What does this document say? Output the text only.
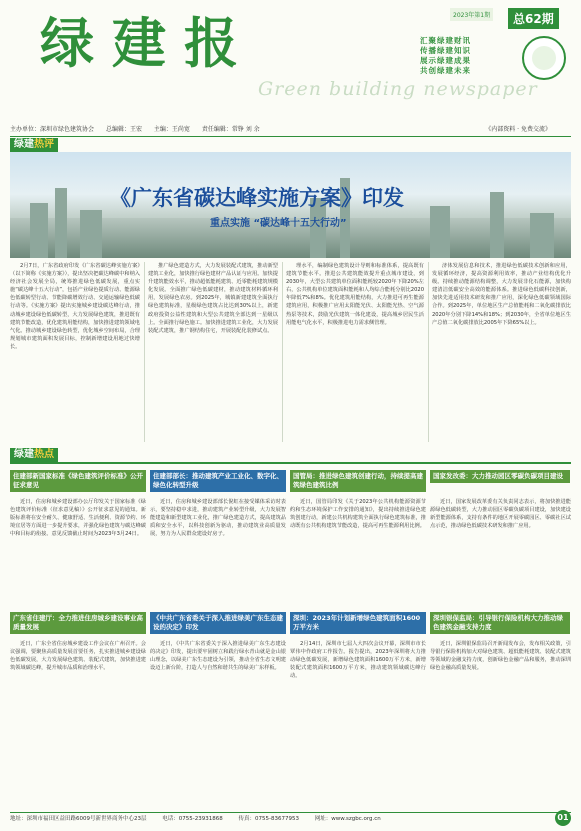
绿建报
Green building newspaper
2023年第1期	总62期
汇聚绿建财讯
传播绿建知识
展示绿建成果
共创绿建未来
主办单位：深圳市绿色建筑协会 总编辑：王宏 主编：王尚宽 责任编辑：常铮 刘 余	《内部资料 · 免费交流》
绿建热评
《广东省碳达峰实施方案》印发
重点实施 “碳达峰十五大行动”

2月7日，广东省政府印发《广东省碳达峰实施方案》（以下简称《实施方案》），提出坚决把碳达峰碳中和纳入经济社会发展全局，统筹推进绿色低碳发展，重点实施“碳达峰十五大行动”，包括产业绿色提质行动、能源绿色低碳转型行动、节能降碳增效行动、交通运输绿色低碳行动等。《实施方案》提出实施城乡建设碳达峰行动，推动城乡建设绿色低碳转型，大力发展绿色建筑，推进既有建筑节能改造，优化建筑用能结构，加快推进建筑领域电气化。推动城乡建设绿色转型，优化城乡空间布局，合理规划城市建筑面积发展目标，控制新增建设用地过快增长。

推广绿色建造方式，大力发展装配式建筑，推动新型建筑工业化，加快推行绿色建材产品认证与应用。加快提升建筑能效水平，推动超低能耗建筑、近零能耗建筑规模化发展。全面推广绿色低碳建材，推动建筑材料循环利用，发展绿色农房。到2025年，城镇新建建筑全面执行绿色建筑标准，星级绿色建筑占比达到30%以上，新建政府投资公益性建筑和大型公共建筑全部达到一星级以上。全面推行绿色施工。加快推进建筑工业化，大力发展装配式建筑，推广钢结构住宅，开展装配化装修试点。

理水平，编制绿色建筑设计导则和标准体系，提高既有建筑节能水平。推进公共建筑能效提升重点城市建设，到2030年，大型公共建筑单位面积能耗较2020年下降20%左右，公共机构单位建筑面积能耗和人均综合能耗分别比2020年降低7%和8%。优化建筑用能结构，大力推进可再生能源建筑应用，积极推广应用太阳能光伏、太阳能光热、空气源热泵等技术，鼓励光伏建筑一体化建设，提高城乡居民生活用能电气化水平，积极推进电力需求侧管理。

济体发展信息和技术，推进绿色低碳技术创新和应用，发展循环经济，提高资源利用效率，推动产业结构优化升级。持续推动能源结构调整，大力发展非化石能源，加快构建清洁低碳安全高效的能源体系。推进绿色低碳科技创新，加快先进适用技术研发和推广应用，深化绿色低碳领域国际合作。到2025年，单位地区生产总值能耗和二氧化碳排放比2020年分别下降14%和18%；到2030年，全省单位地区生产总值二氧化碳排放比2005年下降65%以上。

绿建热点
住建部新国家标准《绿色建筑评价标准》公开征求意见

近日，住房和城乡建设部办公厅印发关于国家标准《绿色建筑评价标准（征求意见稿）》公开征求意见的通知。新版标准将在安全耐久、健康舒适、生活便利、资源节约、环境宜居等方面进一步提升要求，并强化绿色建筑与碳达峰碳中和目标的衔接。意见反馈截止时间为2023年3月24日。

住建部部长：推动建筑产业工业化、数字化、绿色化转型升级

近日，住房和城乡建设部部长倪虹在接受媒体采访时表示，要坚持稳中求进，推动建筑产业转型升级，大力发展智能建造和新型建筑工业化，推广绿色建造方式，提高建筑品质和安全水平，以科技创新为驱动，推动建筑业高质量发展，努力为人民群众建设好房子。

国管局：推进绿色建筑创建行动，持续提高建筑绿色建筑比例

近日，国管局印发《关于2023年公共机构能源资源节约和生态环境保护工作安排的通知》，提出持续推进绿色建筑创建行动，新建公共机构建筑全面执行绿色建筑标准，推动既有公共机构建筑节能改造，提高可再生能源利用比例。

国家发改委：大力推动园区零碳负碳项目建设

近日，国家发展改革委有关负责同志表示，将加快推进能源绿色低碳转型，大力推动园区零碳负碳项目建设，加快建设新型能源体系，支持有条件的地区开展零碳园区、零碳社区试点示范，推动绿色低碳技术研发和推广应用。

广东省住建厅：全力推进住房城乡建设事业高质量发展

近日，广东全省住房城乡建设工作会议在广州召开。会议强调，要聚焦高质量发展首要任务，扎实推进城乡建设绿色低碳发展，大力发展绿色建筑、装配式建筑，加快推进建筑领域碳达峰，提升城市品质和治理水平。

《中共广东省委关于深入推进绿美广东生态建设的决定》印发

近日，《中共广东省委关于深入推进绿美广东生态建设的决定》印发，提出要牢固树立和践行绿水青山就是金山银山理念，以绿美广东生态建设为引领，推动全省生态文明建设迈上新台阶，打造人与自然和谐共生的绿美广东样板。

深圳：2023年计划新增绿色建筑面积1600万平方米

2月14日，深圳市七届人大四次会议开幕，深圳市市长覃伟中作政府工作报告。报告提出，2023年深圳将大力推动绿色低碳发展，新增绿色建筑面积1600万平方米，新增装配式建筑面积1600万平方米，推动建筑领域碳达峰行动。

深圳银保监局：引导银行保险机构大力推动绿色建筑金融支持力度

近日，深圳银保监局召开新闻发布会，发布相关政策，引导银行保险机构加大对绿色建筑、超低能耗建筑、装配式建筑等领域的金融支持力度，创新绿色金融产品和服务，推动深圳绿色金融高质量发展。

地址：深圳市福田区益田路6009号新世界商务中心23层	电话：0755-23931868	传真：0755-83677953	网址：www.szgbc.org.cn	01
